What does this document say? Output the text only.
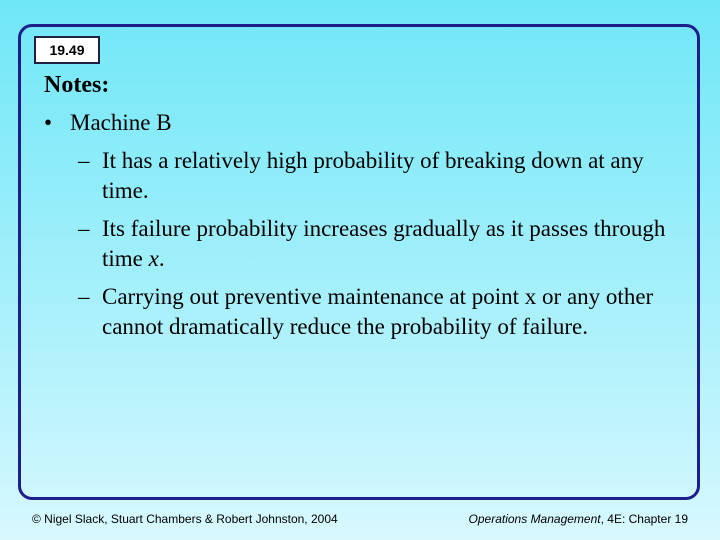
19.49
Notes:
• Machine B
– It has a relatively high probability of breaking down at any time.
– Its failure probability increases gradually as it passes through time x.
– Carrying out preventive maintenance at point x or any other cannot dramatically reduce the probability of failure.
© Nigel Slack, Stuart Chambers & Robert Johnston, 2004	Operations Management, 4E: Chapter 19
